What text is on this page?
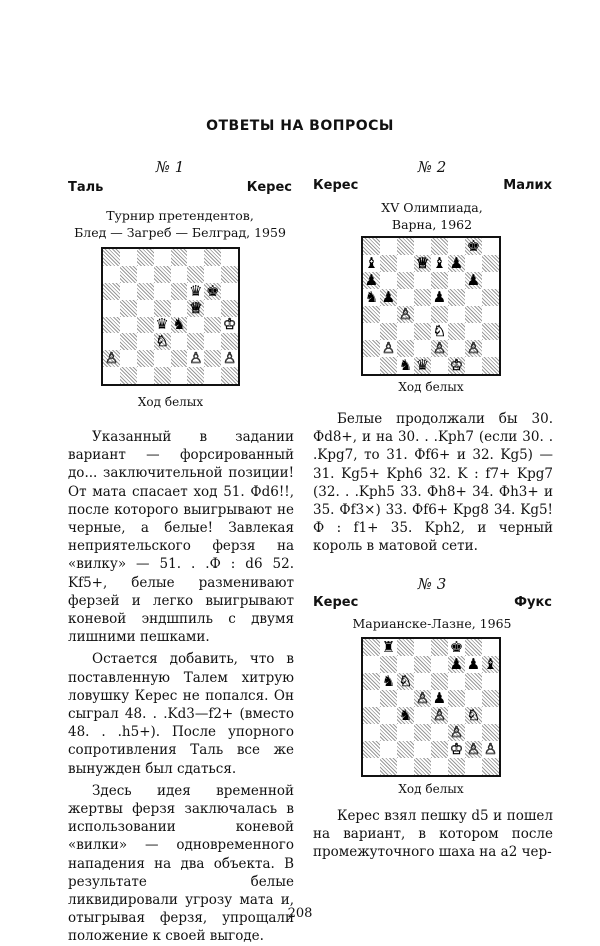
ОТВЕТЫ НА ВОПРОСЫ
№ 1
Таль	Керес
Турнир претендентов,
Блед — Загреб — Белград, 1959
♛ ♚
♕
♛ ♞ ♔
♘
♙	♙ ♙
Ход белых

Указанный в задании вариант — форсированный до... заключительной позиции! От мата спасает ход 51. Фd6!!, после которого выигрывают не черные, а белые! Завлекая неприятельского ферзя на «вилку» — 51. . .Ф : d6 52. Kf5+, белые разменивают ферзей и легко выигрывают коневой эндшпиль с двумя лишними пешками.

Остается добавить, что в поставленную Талем хитрую ловушку Керес не попался. Он сыграл 48. . .Kd3—f2+ (вместо 48. . .h5+). После упорного сопротивления Таль все же вынужден был сдаться.

Здесь идея временной жертвы ферзя заключалась в использовании коневой «вилки» — одновременного нападения на два объекта. В результате белые ликвидировали угрозу мата и, отыгрывая ферзя, упрощали положение к своей выгоде.

№ 2
Керес	Малих
XV Олимпиада,
Варна, 1962
♚
♝	♕ ♝ ♟
♟	♟
♞ ♟	♟
♙
♘
♙	♙ ♙
♞ ♛ ♔
Ход белых

Белые продолжали бы 30. Фd8+, и на 30. . .Kph7 (если 30. . .Kpg7, то 31. Фf6+ и 32. Kg5) — 31. Kg5+ Kph6 32. K : f7+ Kpg7 (32. . .Kph5 33. Фh8+ 34. Фh3+ и 35. Фf3×) 33. Фf6+ Kpg8 34. Kg5! Ф : f1+ 35. Kph2, и черный король в матовой сети.

№ 3
Керес	Фукс
Марианске-Лазне, 1965
♜	♚
♟ ♟ ♝
♞ ♘
♙ ♟
♞ ♙ ♘
♙
♔ ♙ ♙
Ход белых

Керес взял пешку d5 и пошел на вариант, в котором после промежуточного шаха на a2 чер-

208
